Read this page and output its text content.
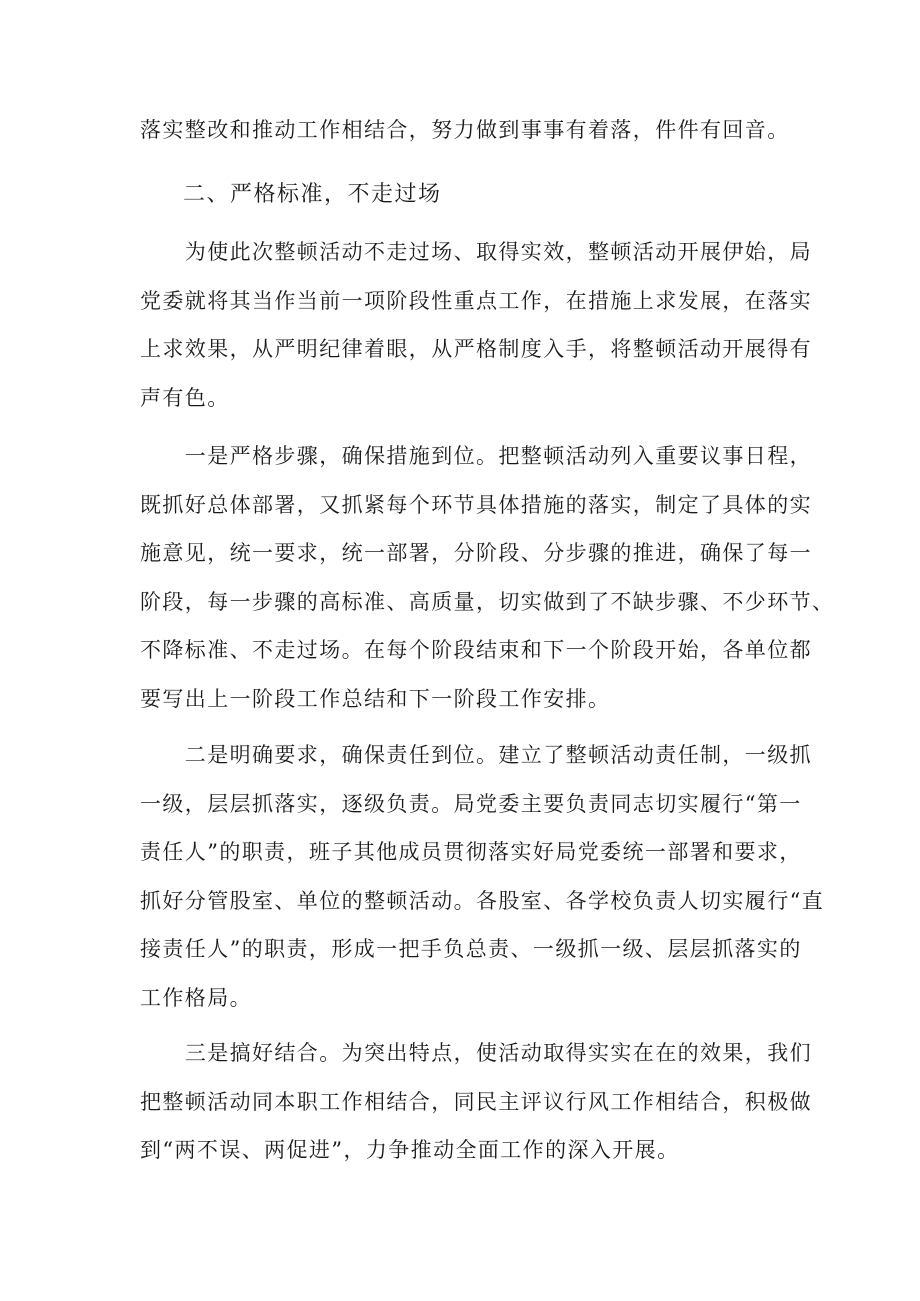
落实整改和推动工作相结合，努力做到事事有着落，件件有回音。
二、严格标准，不走过场
　　为使此次整顿活动不走过场、取得实效，整顿活动开展伊始，局
党委就将其当作当前一项阶段性重点工作，在措施上求发展，在落实
上求效果，从严明纪律着眼，从严格制度入手，将整顿活动开展得有
声有色。
　　一是严格步骤，确保措施到位。把整顿活动列入重要议事日程，
既抓好总体部署，又抓紧每个环节具体措施的落实，制定了具体的实
施意见，统一要求，统一部署，分阶段、分步骤的推进，确保了每一
阶段，每一步骤的高标准、高质量，切实做到了不缺步骤、不少环节、
不降标准、不走过场。在每个阶段结束和下一个阶段开始，各单位都
要写出上一阶段工作总结和下一阶段工作安排。
　　二是明确要求，确保责任到位。建立了整顿活动责任制，一级抓
一级，层层抓落实，逐级负责。局党委主要负责同志切实履行“第一
责任人”的职责，班子其他成员贯彻落实好局党委统一部署和要求，
抓好分管股室、单位的整顿活动。各股室、各学校负责人切实履行“直
接责任人”的职责，形成一把手负总责、一级抓一级、层层抓落实的
工作格局。
　　三是搞好结合。为突出特点，使活动取得实实在在的效果，我们
把整顿活动同本职工作相结合，同民主评议行风工作相结合，积极做
到“两不误、两促进”，力争推动全面工作的深入开展。
